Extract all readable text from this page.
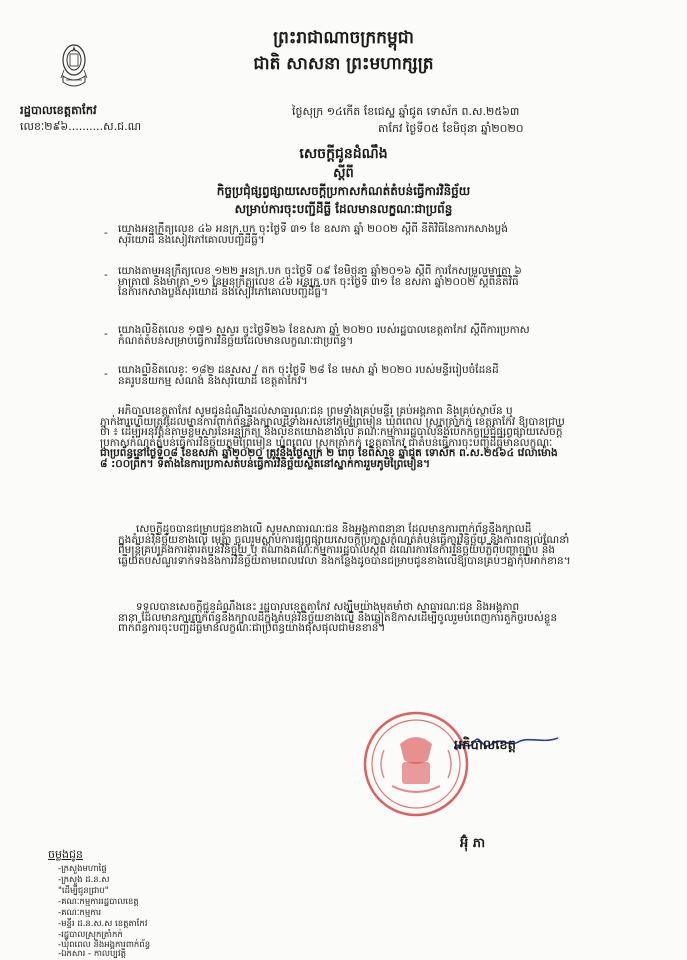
ព្រះរាជាណាចក្រកម្ពុជា
ជាតិ សាសនា ព្រះមហាក្សត្រ
រដ្ឋបាលខេត្តតាកែវ
លេខៈ២៩៦..........ស.ជ.ណ
ថ្ងៃសុក្រ ១៤កើត ខែជេស្ឋ ឆ្នាំជូត ទោស័ក ព.ស.២៥៦៣
តាកែវ ថ្ងៃទី០៥ ខែមិថុនា ឆ្នាំ២០២០
សេចក្ដីជូនដំណឹង
ស្ដីពី
កិច្ចប្រជុំផ្សព្វផ្សាយសេចក្ដីប្រកាសកំណត់តំបន់ធ្វើការវិនិច្ឆ័យ
សម្រាប់ការចុះបញ្ជីដីធ្លី ដែលមានលក្ខណៈជាប្រព័ន្ធ
- យោងអនុក្រឹត្យលេខ ៤៦ អនក្រ.បក ចុះថ្ងៃទី ៣១ ខែ ឧសភា ឆ្នាំ ២០០២ ស្ដីពី នីតិវិធីនៃការកសាងប្លង់
សុរិយោដី និងសៀវភៅគោលបញ្ជីដីធ្លី។
- យោងតាមអនុក្រឹត្យលេខ ១២២ អនក្រ.បក ចុះថ្ងៃទី ០៩ ខែមិថុនា ឆ្នាំ២០១៦ ស្ដីពី ការកែសម្រួលមាត្រា ៦
មាត្រា៧ និងមាត្រា ១១ នៃអនុក្រឹត្យលេខ ៤៦ អនក្រ.បក ចុះថ្ងៃទី ៣១ ខែ ឧសភា ឆ្នាំ២០០២ ស្ដីពីនីតិវិធី
នៃការកសាងប្លង់សុរិយោដី និងសៀវភៅគោលបញ្ជីដីធ្លី។
- យោងលិខិតលេខ ១៧១ សសរ ចុះថ្ងៃទី២៦ ខែឧសភា ឆ្នាំ ២០២០ របស់រដ្ឋបាលខេត្តតាកែវ ស្ដីពីការប្រកាស
កំណត់តំបន់សម្រាប់ធ្វើការវិនិច្ឆ័យដែលមានលក្ខណៈជាប្រព័ន្ធ។
- យោងលិខិតលេខៈ ១៨២ ដនសស / តក ចុះថ្ងៃទី ២៨ ខែ មេសា ឆ្នាំ ២០២០ របស់មន្ទីររៀបចំដែនដី
នគរូបនីយកម្ម សំណង់ និងសុរិយោដី ខេត្តតាកែវ។
អភិបាលខេត្តតាកែវ សូមជូនដំណឹងដល់សាធារណៈជន ព្រមទាំងគ្រប់មន្ទីរ គ្រប់អង្គភាព និងគ្រប់ស្ថាប័ន ឬ
ភ្នាក់ងារហើយត្រូវដែលមានការពាក់ព័ន្ធនឹងក្បាលដីទាំងអស់នៅភូមិព្រៃមៀន ឃុំពពេល ស្រុកត្រាំកក់ ខេត្តតាកែវ ឱ្យបានជ្រាប
ថា ៖ ដើម្បីអនុវត្តន៍តាមខ្លឹមសារនៃអនុក្រឹត្យ និងលិខិតយោងខាងលើ គណៈកម្មការរដ្ឋបាលនឹងបើកកិច្ចប្រជុំផ្សព្វផ្សាយសេចក្ដី
ប្រកាសកំណត់តំបន់ធ្វើការវិនិច្ឆ័យភូមិព្រៃមៀន ឃុំពពេល ស្រុកត្រាំកក់ ខេត្តតាកែវ ជាតំបន់ធ្វើការចុះបញ្ជីដីធ្លីមានលក្ខណៈ
ជាប្រព័ន្ធនៅថ្ងៃទី០៨ ខែឧសភា ឆ្នាំ២០២០ ត្រូវនឹងថ្ងៃសុក្រ ២ រោច ខែពិសាខ ឆ្នាំជូត ទោស័ក ព.ស.២៥៦៤ វេលាម៉ោង
៨ :០០ព្រឹក។ ទីតាំងនៃការប្រកាសតំបន់ធ្វើការវិនិច្ឆ័យស្ថិតនៅស្នាក់ការរួមភូមិព្រៃមៀន។
សេចក្ដីដូចបានជម្រាបជូនខាងលើ សូមសាធារណៈជន និងអង្គភាពនានា ដែលមានការពាក់ព័ន្ធនឹងក្បាលដី
ក្នុងតំបន់វិនិច្ឆ័យខាងលើ មេត្តា ចូលរួមស្ដាប់ការផ្សព្វផ្សាយសេចក្ដីប្រកាសកំណត់តំបន់ធ្វើការវិនិច្ឆ័យ និងការពន្យល់ណែនាំ
ពីមន្ត្រីគ្រប់គ្រងការងារតំបន់វិនិច្ឆ័យ ឬ តំណាងគណៈកម្មការរដ្ឋបាលស្ដីពី ដំណើរការនៃការវិនិច្ឆ័យបំភ្លឺពីបញ្ហាច្បាប់ និង
ឆ្លើយតបសំណួរទាក់ទងនឹងការវិនិច្ឆ័យតាមពេលវេលា និងកន្លែងដូចបានជម្រាបជូនខាងលើឱ្យបានគ្រប់ៗគ្នាកុំបីអាក់ខាន។
ទទួលបានសេចក្ដីជូនដំណឹងនេះ រដ្ឋបាលខេត្តតាកែវ សង្ឃឹមយ៉ាងមុតមាំថា សាធារណៈជន និងអង្គភាព
នានា ដែលមានការពាក់ព័ន្ធនឹងក្បាលដីក្នុងតំបន់វិនិច្ឆ័យខាងលើ នឹងឆ្លៀតឱកាសដើម្បីចូលរួមបំពេញការតួកិច្ចរបស់ខ្លួន
ពាក់ព័ន្ធការចុះបញ្ជីដីធ្លីមានលក្ខណៈជាប្រព័ន្ធយ៉ាងផុសផុលជាមិនខាន។
អភិបាលខេត្ត
អ៊ុំ ភា
ចម្លងជូន
-ក្រសួងមហាផ្ទៃ
-ក្រសួង ដ.ន.ស
"ដើម្បីជូនជ្រាប"
-គណៈកម្មការរដ្ឋបាលខេត្ត
-គណៈកម្មការ
-មន្ទីរ ដ.ន.ស.ស ខេត្តតាកែវ
-រដ្ឋបាលស្រុកត្រាំកក់
-ឃុំពពេល និងអង្គការពាក់ព័ន្ធ
-ឯកសារ - កាលប្បវត្តិ
